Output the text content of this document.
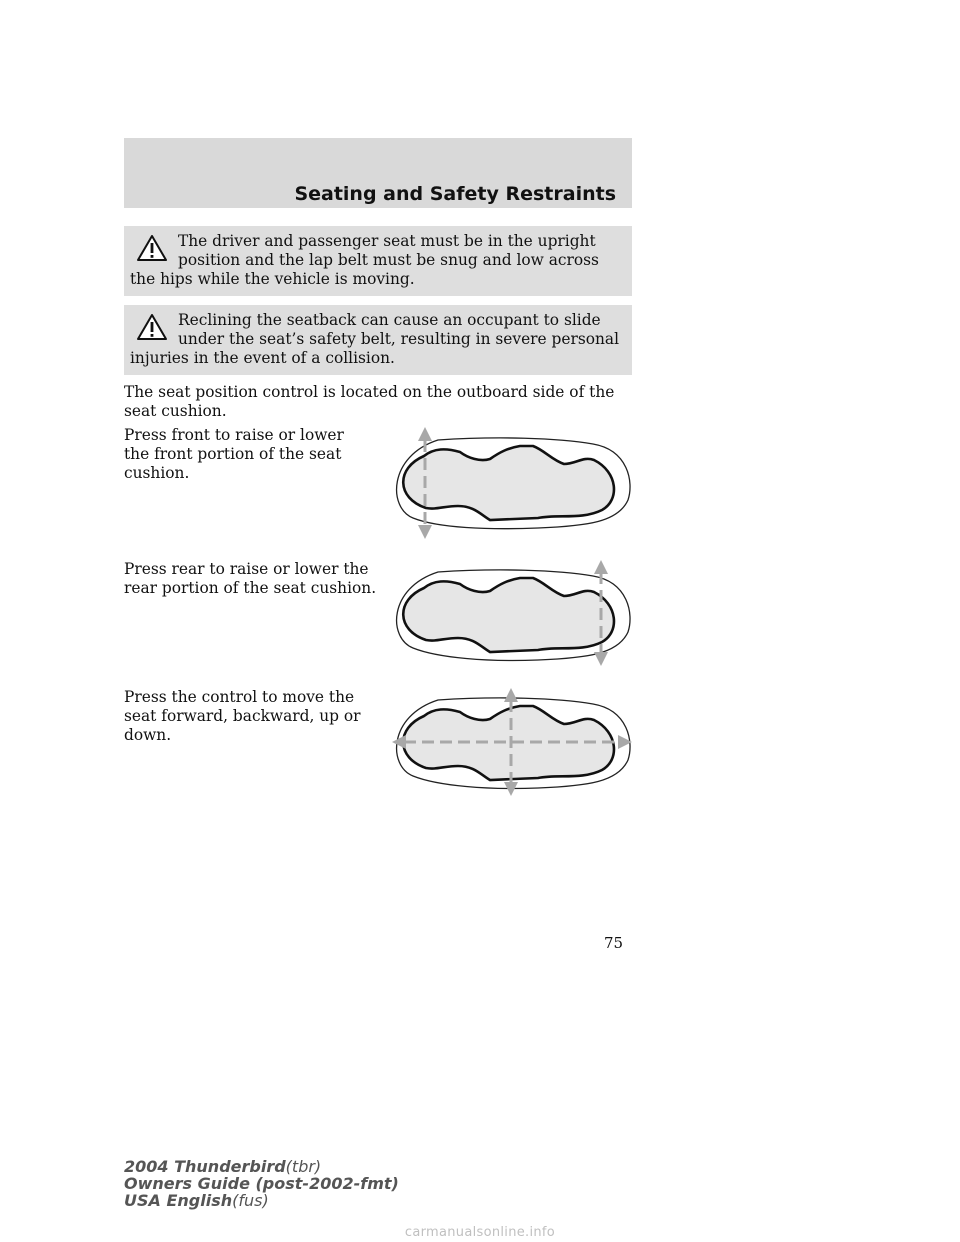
Seating and Safety Restraints
The driver and passenger seat must be in the upright position and the lap belt must be snug and low across the hips while the vehicle is moving.
Reclining the seatback can cause an occupant to slide under the seat’s safety belt, resulting in severe personal injuries in the event of a collision.

The seat position control is located on the outboard side of the seat cushion.

Press front to raise or lower the front portion of the seat cushion.

Press rear to raise or lower the rear portion of the seat cushion.

Press the control to move the seat forward, backward, up or down.

75

2004 Thunderbird(tbr)
Owners Guide (post-2002-fmt)
USA English(fus)
carmanualsonline.info
